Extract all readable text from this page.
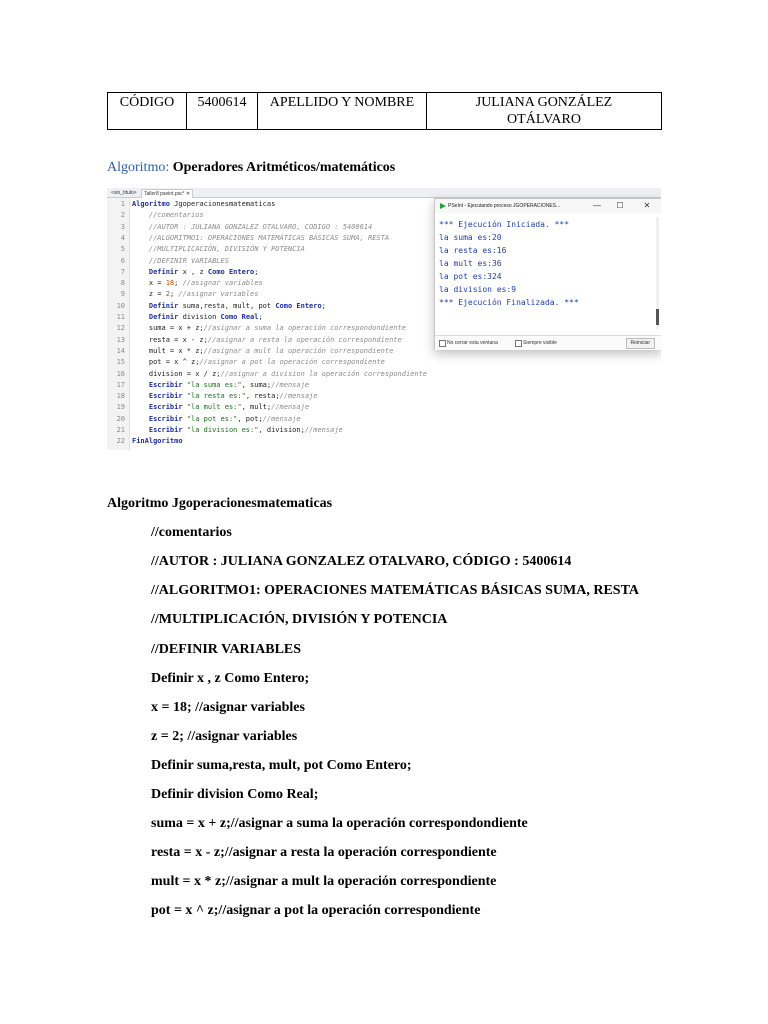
CÓDIGO	5400614	APELLIDO Y NOMBRE	JULIANA GONZÁLEZ
OTÁLVARO
Algoritmo: Operadores Aritméticos/matemáticos
<sin_titulo>	Taller8 pseint.psc* ✕
1 Algoritmo Jgoperacionesmatematicas
2	//comentarios
3	//AUTOR : JULIANA GONZALEZ OTALVARO, CODIGO : 5400614
4	//ALGORITMO1: OPERACIONES MATEMÁTICAS BÁSICAS SUMA, RESTA
5	//MULTIPLICACIÓN, DIVISIÓN Y POTENCIA
6	//DEFINIR VARIABLES
7	Definir x , z Como Entero;
8 x = 18; //asignar variables
9 z = 2; //asignar variables
10	Definir suma,resta, mult, pot Como Entero;
11	Definir division Como Real;
12 suma = x + z;//asignar a suma la operación correspondondiente
13 resta = x - z;//asignar a resta la operación correspondiente
14 mult = x * z;//asignar a mult la operación correspondiente
15 pot = x ^ z;//asignar a pot la operación correspondiente
16 division = x / z;//asignar a division la operación correspondiente
17	Escribir "la suma es:", suma;//mensaje
18	Escribir "la resta es:", resta;//mensaje
19	Escribir "la mult es:", mult;//mensaje
20	Escribir "la pot es:", pot;//mensaje
21	Escribir "la division es:", division;//mensaje
22 FinAlgoritmo
PSeInt - Ejecutando proceso JGOPERACIONES...	—	☐	✕
*** Ejecución Iniciada. ***
la suma es:20
la resta es:16
la mult es:36
la pot es:324
la division es:9
*** Ejecución Finalizada. ***
No cerrar esta ventana	Siempre visible	Reiniciar
Algoritmo Jgoperacionesmatematicas
//comentarios
//AUTOR : JULIANA GONZALEZ OTALVARO, CÓDIGO : 5400614
//ALGORITMO1: OPERACIONES MATEMÁTICAS BÁSICAS SUMA, RESTA
//MULTIPLICACIÓN, DIVISIÓN Y POTENCIA
//DEFINIR VARIABLES
Definir x , z Como Entero;
x = 18; //asignar variables
z = 2; //asignar variables
Definir suma,resta, mult, pot Como Entero;
Definir division Como Real;
suma = x + z;//asignar a suma la operación correspondondiente
resta = x - z;//asignar a resta la operación correspondiente
mult = x * z;//asignar a mult la operación correspondiente
pot = x ^ z;//asignar a pot la operación correspondiente
